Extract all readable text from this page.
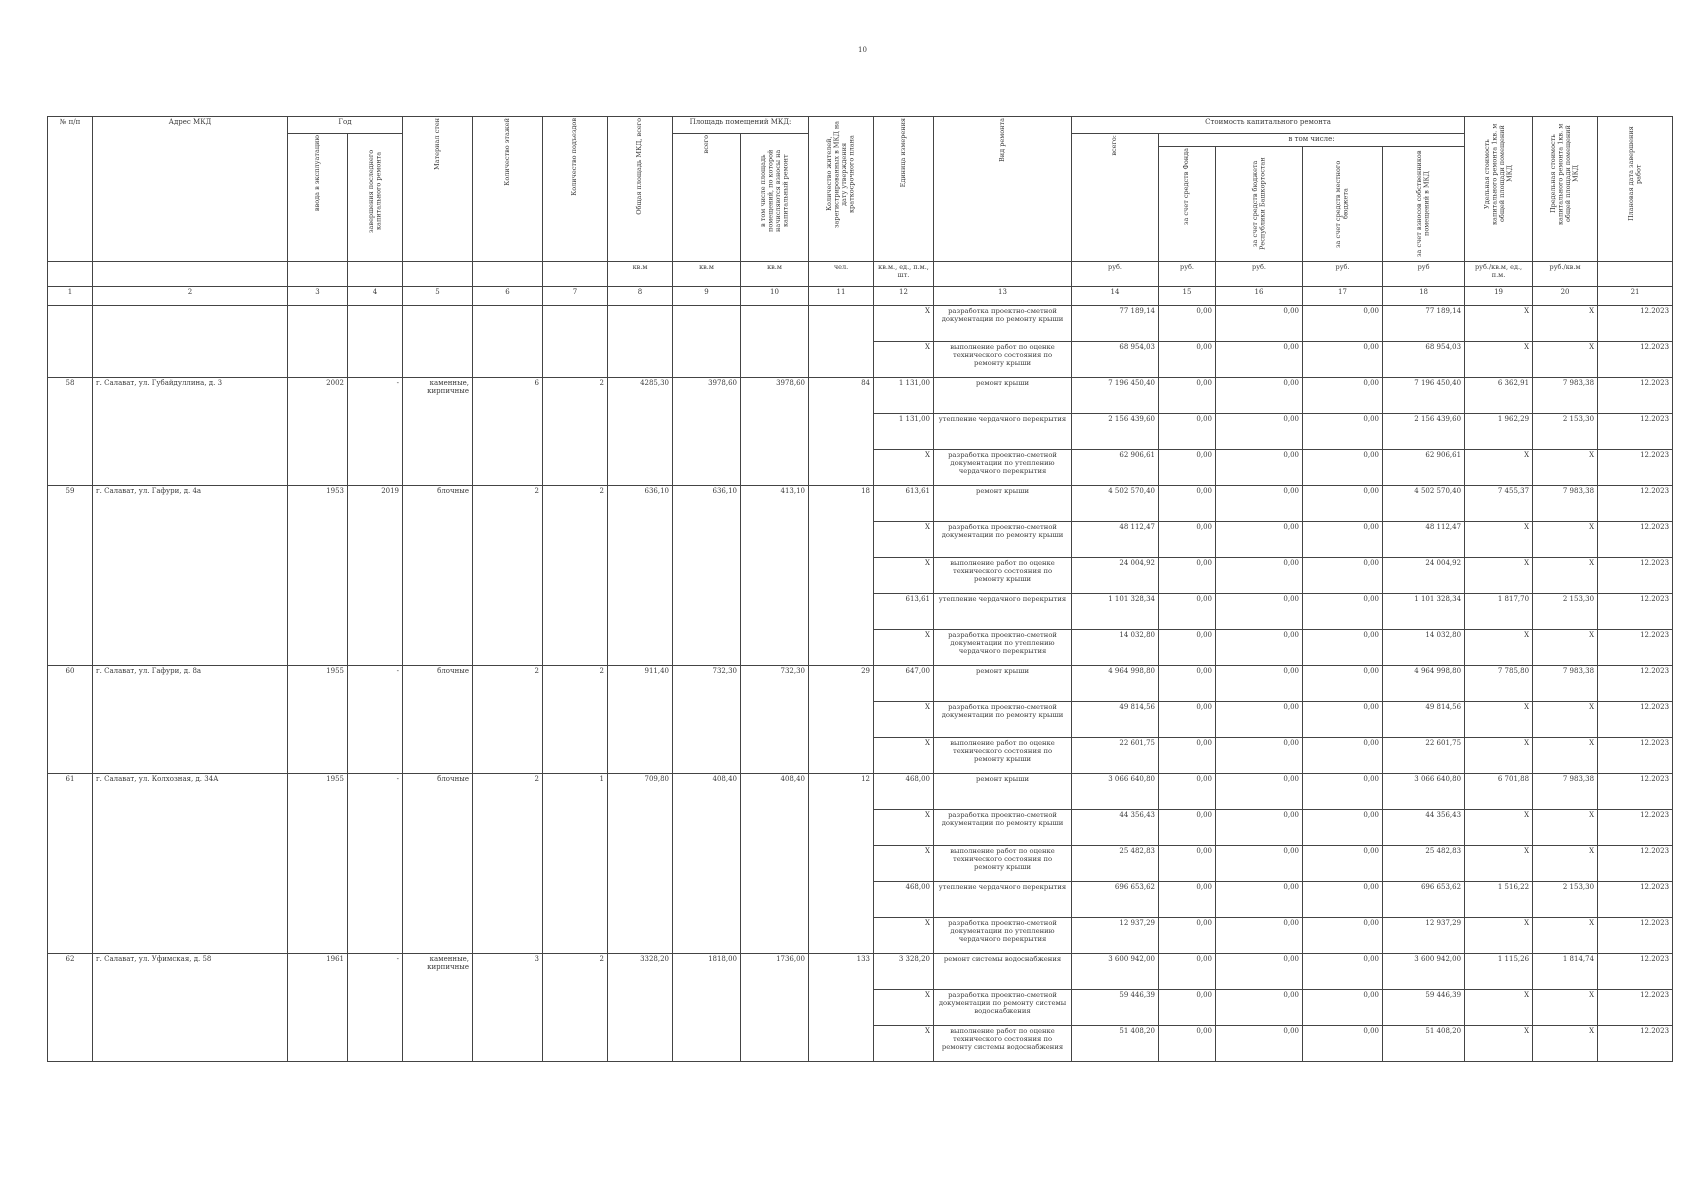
10
№ п/п	Адрес МКД	Год		Материал стен	Количество этажей	Количество подъездов	Общая площадь МКД, всего	Площадь помещений МКД:		Количество жителей, зарегистрированных в МКД на дату утверждения краткосрочного плана	Единица измерения	Вид ремонта	Стоимость капитального ремонта					Удельная стоимость капитального ремонта 1кв. м общей площади помещений МКД	Предельная стоимость капитального ремонта 1кв. м общей площади помещений МКД	Плановая дата завершения работ

		ввода в эксплуатацию	завершения последнего капитального ремонта					всего	в том числе площадь помещений, по которой начисляются взносы на капитальный ремонт				всего:	в том числе:						

														за счет средств Фонда	за счет средств бюджета Республики Башкортостан	за счет средств местного бюджета	за счет взносов собственников помещений в МКД			

							кв.м	кв.м	кв.м	чел.	кв.м., ед., п.м., шт.		руб.	руб.	руб.	руб.	руб	руб./кв.м, ед., п.м.	руб./кв.м	
1	2	3	4	5	6	7	8	9	10	11	12	13	14	15	16	17	18	19	20	21
											X	разработка проектно-сметной документации по ремонту крыши	77 189,14	0,00	0,00	0,00	77 189,14	X	X	12.2023
											X	выполнение работ по оценке технического состояния по ремонту крыши	68 954,03	0,00	0,00	0,00	68 954,03	X	X	12.2023
58	г. Салават, ул. Губайдуллина, д. 3	2002	-	каменные, кирпичные	6	2	4285,30	3978,60	3978,60	84	1 131,00	ремонт крыши	7 196 450,40	0,00	0,00	0,00	7 196 450,40	6 362,91	7 983,38	12.2023
											1 131,00	утепление чердачного перекрытия	2 156 439,60	0,00	0,00	0,00	2 156 439,60	1 962,29	2 153,30	12.2023
											X	разработка проектно-сметной документации по утеплению чердачного перекрытия	62 906,61	0,00	0,00	0,00	62 906,61	X	X	12.2023
59	г. Салават, ул. Гафури, д. 4а	1953	2019	блочные	2	2	636,10	636,10	413,10	18	613,61	ремонт крыши	4 502 570,40	0,00	0,00	0,00	4 502 570,40	7 455,37	7 983,38	12.2023
											X	разработка проектно-сметной документации по ремонту крыши	48 112,47	0,00	0,00	0,00	48 112,47	X	X	12.2023
											X	выполнение работ по оценке технического состояния по ремонту крыши	24 004,92	0,00	0,00	0,00	24 004,92	X	X	12.2023
											613,61	утепление чердачного перекрытия	1 101 328,34	0,00	0,00	0,00	1 101 328,34	1 817,70	2 153,30	12.2023
											X	разработка проектно-сметной документации по утеплению чердачного перекрытия	14 032,80	0,00	0,00	0,00	14 032,80	X	X	12.2023
60	г. Салават, ул. Гафури, д. 8а	1955	-	блочные	2	2	911,40	732,30	732,30	29	647,00	ремонт крыши	4 964 998,80	0,00	0,00	0,00	4 964 998,80	7 785,80	7 983,38	12.2023
											X	разработка проектно-сметной документации по ремонту крыши	49 814,56	0,00	0,00	0,00	49 814,56	X	X	12.2023
											X	выполнение работ по оценке технического состояния по ремонту крыши	22 601,75	0,00	0,00	0,00	22 601,75	X	X	12.2023
61	г. Салават, ул. Колхозная, д. 34А	1955	-	блочные	2	1	709,80	408,40	408,40	12	468,00	ремонт крыши	3 066 640,80	0,00	0,00	0,00	3 066 640,80	6 701,88	7 983,38	12.2023
											X	разработка проектно-сметной документации по ремонту крыши	44 356,43	0,00	0,00	0,00	44 356,43	X	X	12.2023
											X	выполнение работ по оценке технического состояния по ремонту крыши	25 482,83	0,00	0,00	0,00	25 482,83	X	X	12.2023
											468,00	утепление чердачного перекрытия	696 653,62	0,00	0,00	0,00	696 653,62	1 516,22	2 153,30	12.2023
											X	разработка проектно-сметной документации по утеплению чердачного перекрытия	12 937,29	0,00	0,00	0,00	12 937,29	X	X	12.2023
62	г. Салават, ул. Уфимская, д. 58	1961	-	каменные, кирпичные	3	2	3328,20	1818,00	1736,00	133	3 328,20	ремонт системы водоснабжения	3 600 942,00	0,00	0,00	0,00	3 600 942,00	1 115,26	1 814,74	12.2023
											X	разработка проектно-сметной документации по ремонту системы водоснабжения	59 446,39	0,00	0,00	0,00	59 446,39	X	X	12.2023
											X	выполнение работ по оценке технического состояния по ремонту системы водоснабжения	51 408,20	0,00	0,00	0,00	51 408,20	X	X	12.2023
